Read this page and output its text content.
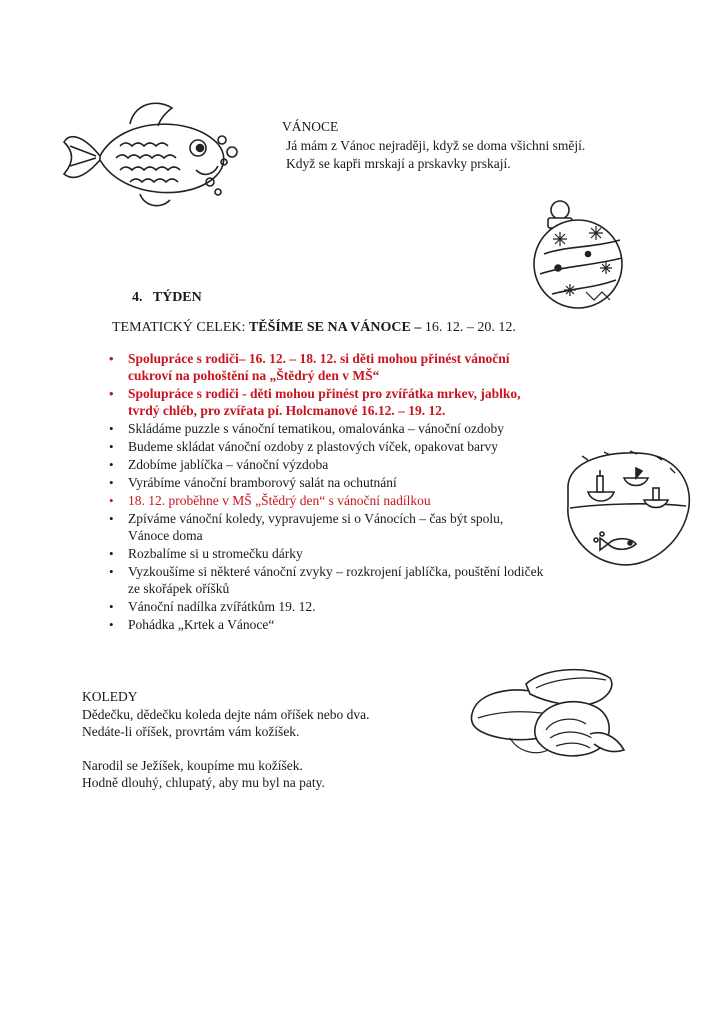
VÁNOCE
Já mám z Vánoc nejraději, když se doma všichni smějí.
Když se kapři mrskají a prskavky prskají.
4. TÝDEN
TEMATICKÝ CELEK: TĚŠÍME SE NA VÁNOCE – 16. 12. – 20. 12.
• Spolupráce s rodiči– 16. 12. – 18. 12. si děti mohou přinést vánoční cukroví na pohoštění na „Štědrý den v MŠ“
• Spolupráce s rodiči - děti mohou přinést pro zvířátka mrkev, jablko, tvrdý chléb, pro zvířata pí. Holcmanové 16.12. – 19. 12.
• Skládáme puzzle s vánoční tematikou, omalovánka – vánoční ozdoby
• Budeme skládat vánoční ozdoby z plastových víček, opakovat barvy
• Zdobíme jablíčka – vánoční výzdoba
• Vyrábíme vánoční bramborový salát na ochutnání
• 18. 12. proběhne v MŠ „Štědrý den“ s vánoční nadílkou
• Zpíváme vánoční koledy, vypravujeme si o Vánocích – čas být spolu, Vánoce doma
• Rozbalíme si u stromečku dárky
• Vyzkoušíme si některé vánoční zvyky – rozkrojení jablíčka, pouštění lodiček ze skořápek oříšků
• Vánoční nadílka zvířátkům 19. 12.
• Pohádka „Krtek a Vánoce“
KOLEDY
Dědečku, dědečku koleda dejte nám oříšek nebo dva.
Nedáte-li oříšek, provrtám vám kožíšek.
Narodil se Ježíšek, koupíme mu kožíšek.
Hodně dlouhý, chlupatý, aby mu byl na paty.
